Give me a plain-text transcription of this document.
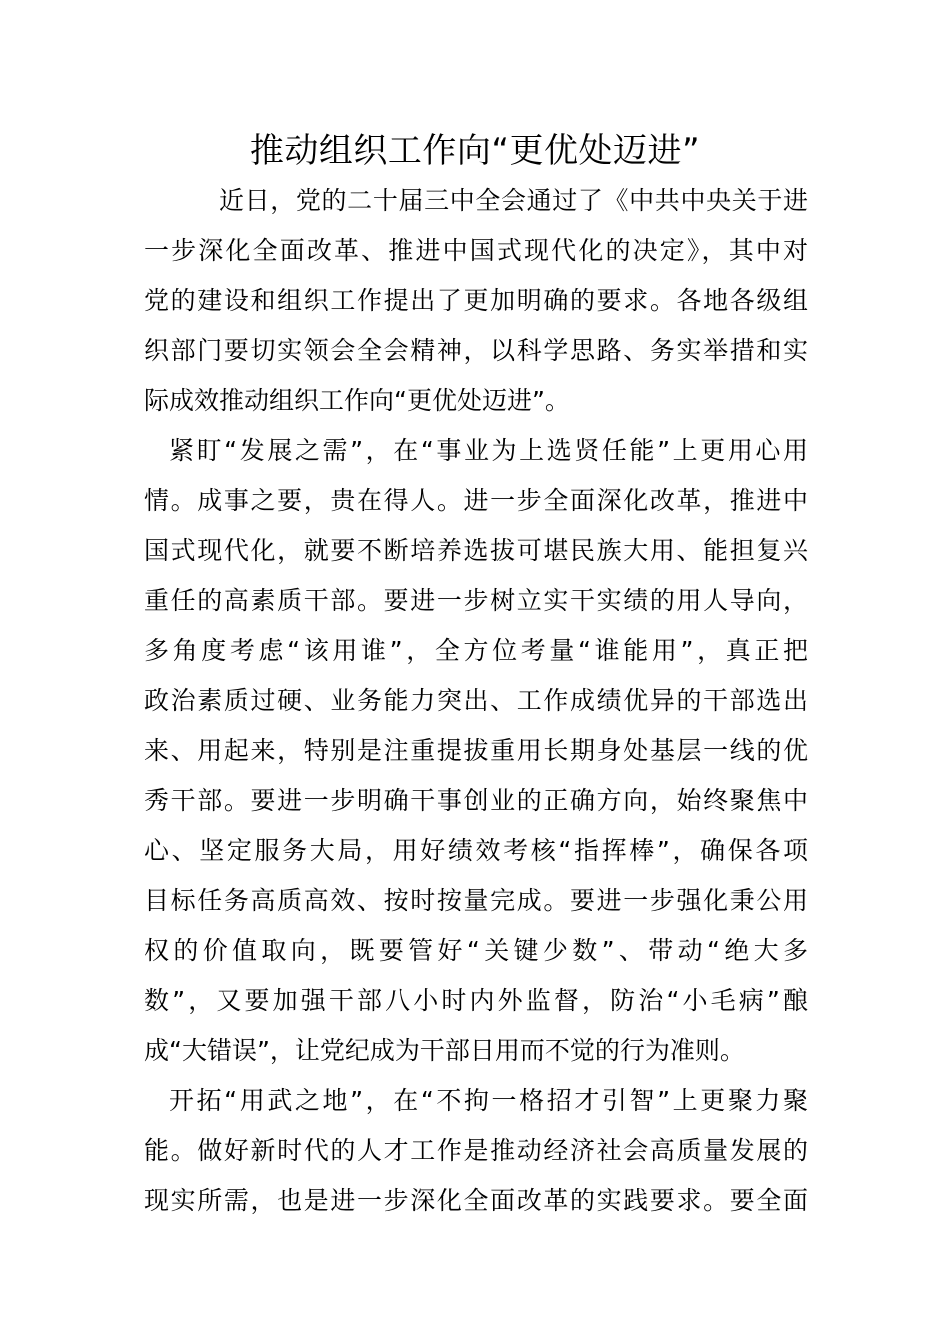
推动组织工作向“更优处迈进”
近日，党的二十届三中全会通过了《中共中央关于进
一步深化全面改革、推进中国式现代化的决定》，其中对
党的建设和组织工作提出了更加明确的要求。各地各级组
织部门要切实领会全会精神，以科学思路、务实举措和实
际成效推动组织工作向“更优处迈进”。
紧盯“发展之需”，在“事业为上选贤任能”上更用心用
情。成事之要，贵在得人。进一步全面深化改革，推进中
国式现代化，就要不断培养选拔可堪民族大用、能担复兴
重任的高素质干部。要进一步树立实干实绩的用人导向，
多角度考虑“该用谁”，全方位考量“谁能用”，真正把
政治素质过硬、业务能力突出、工作成绩优异的干部选出
来、用起来，特别是注重提拔重用长期身处基层一线的优
秀干部。要进一步明确干事创业的正确方向，始终聚焦中
心、坚定服务大局，用好绩效考核“指挥棒”，确保各项
目标任务高质高效、按时按量完成。要进一步强化秉公用
权的价值取向，既要管好“关键少数”、带动“绝大多
数”，又要加强干部八小时内外监督，防治“小毛病”酿
成“大错误”，让党纪成为干部日用而不觉的行为准则。
开拓“用武之地”，在“不拘一格招才引智”上更聚力聚
能。做好新时代的人才工作是推动经济社会高质量发展的
现实所需，也是进一步深化全面改革的实践要求。要全面
